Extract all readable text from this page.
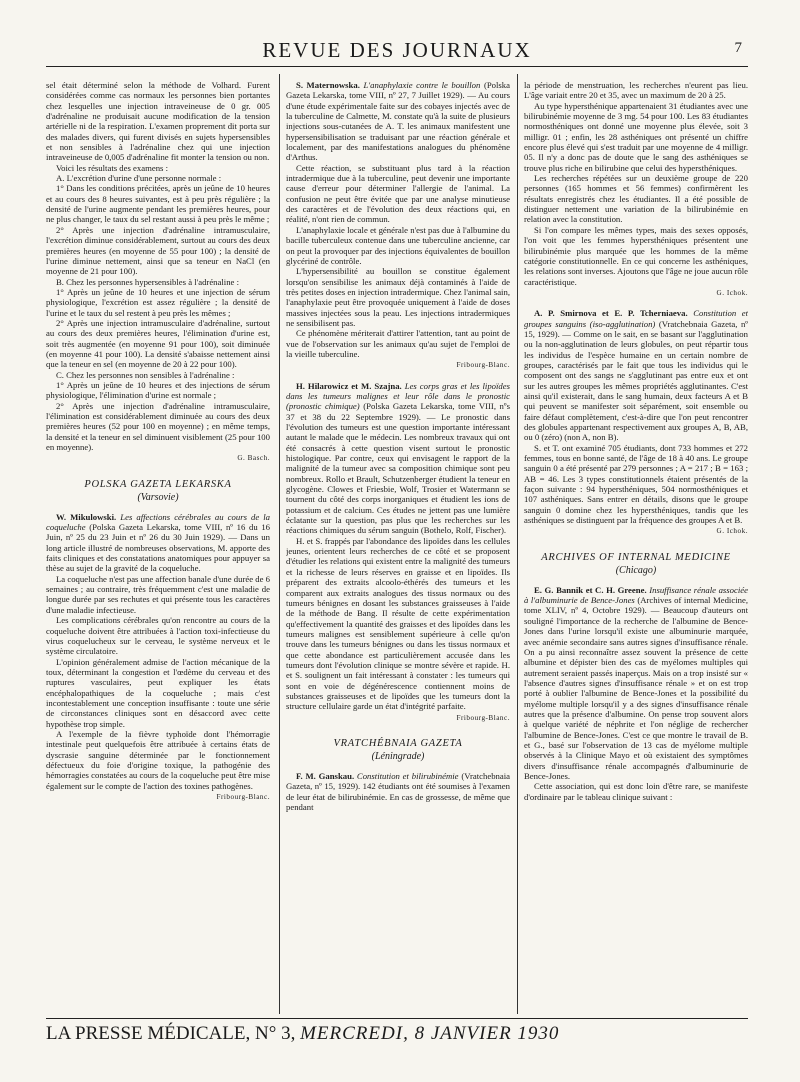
REVUE DES JOURNAUX	7

sel était déterminé selon la méthode de Volhard. Furent considérées comme cas normaux les personnes bien portantes chez lesquelles une injection intraveineuse de 0 gr. 005 d'adrénaline ne produisait aucune modification de la tension artérielle ni de la respiration. L'examen proprement dit porta sur des malades divers, qui furent divisés en sujets hypersensibles et non sensibles à l'adrénaline chez qui une injection intraveineuse de 0,005 d'adrénaline fit monter la tension ou non.

Voici les résultats des examens :

A. L'excrétion d'urine d'une personne normale :

1° Dans les conditions précitées, après un jeûne de 10 heures et au cours des 8 heures suivantes, est à peu près régulière ; la densité de l'urine augmente pendant les premières heures, pour ne plus changer, le taux du sel restant aussi à peu près le même ;

2° Après une injection d'adrénaline intramusculaire, l'excrétion diminue considérablement, surtout au cours des deux premières heures (en moyenne de 55 pour 100) ; la densité de l'urine diminue nettement, ainsi que sa teneur en NaCl (en moyenne de 21 pour 100).

B. Chez les personnes hypersensibles à l'adrénaline :

1° Après un jeûne de 10 heures et une injection de sérum physiologique, l'excrétion est assez régulière ; la densité de l'urine et le taux du sel restent à peu près les mêmes ;

2° Après une injection intramusculaire d'adrénaline, surtout au cours des deux premières heures, l'élimination d'urine est, soit très augmentée (en moyenne 91 pour 100), soit diminuée (en moyenne 41 pour 100). La densité s'abaisse nettement ainsi que la teneur en sel (en moyenne de 20 à 22 pour 100).

C. Chez les personnes non sensibles à l'adrénaline :

1° Après un jeûne de 10 heures et des injections de sérum physiologique, l'élimination d'urine est normale ;

2° Après une injection d'adrénaline intramusculaire, l'élimination est considérablement diminuée au cours des deux premières heures (52 pour 100 en moyenne) ; en même temps, la densité et la teneur en sel diminuent visiblement (25 pour 100 en moyenne).

G. Basch.
POLSKA GAZETA LEKARSKA
(Varsovie)

W. Mikulowski. Les affections cérébrales au cours de la coqueluche (Polska Gazeta Lekarska, tome VIII, nº 16 du 16 Juin, nº 25 du 23 Juin et nº 26 du 30 Juin 1929). — Dans un long article illustré de nombreuses observations, M. apporte des faits cliniques et des constatations anatomiques pour appuyer sa thèse au sujet de la gravité de la coqueluche.

La coqueluche n'est pas une affection banale d'une durée de 6 semaines ; au contraire, très fréquemment c'est une maladie de longue durée par ses rechutes et qui présente tous les caractères d'une maladie infectieuse.

Les complications cérébrales qu'on rencontre au cours de la coqueluche doivent être attribuées à l'action toxi-infectieuse du virus coquelucheux sur le cerveau, le système nerveux et le système circulatoire.

L'opinion généralement admise de l'action mécanique de la toux, déterminant la congestion et l'œdème du cerveau et des ruptures vasculaires, peut expliquer les états encéphalopathiques de la coqueluche ; mais c'est incontestablement une conception insuffisante : toute une série de circonstances cliniques sont en désaccord avec cette hypothèse trop simple.

A l'exemple de la fièvre typhoïde dont l'hémorragie intestinale peut quelquefois être attribuée à certains états de dyscrasie sanguine déterminée par le fonctionnement défectueux du foie d'origine toxique, la pathogénie des hémorragies constatées au cours de la coqueluche peut être mise également sur le compte de l'action des toxines pathogènes.

Fribourg-Blanc.

S. Maternowska. L'anaphylaxie contre le bouillon (Polska Gazeta Lekarska, tome VIII, nº 27, 7 Juillet 1929). — Au cours d'une étude expérimentale faite sur des cobayes injectés avec de la tuberculine de Calmette, M. constate qu'à la suite de plusieurs injections sous-cutanées de A. T. les animaux manifestent une hypersensibilisation se traduisant par une réaction générale et localement, par des manifestations analogues du phénomène d'Arthus.

Cette réaction, se substituant plus tard à la réaction intradermique due à la tuberculine, peut devenir une importante cause d'erreur pour déterminer l'allergie de l'animal. La confusion ne peut être évitée que par une analyse minutieuse des caractères et de l'évolution des deux réactions qui, en réalité, n'ont rien de commun.

L'anaphylaxie locale et générale n'est pas due à l'albumine du bacille tuberculeux contenue dans une tuberculine ancienne, car on peut la provoquer par des injections équivalentes de bouillon glycériné de contrôle.

L'hypersensibilité au bouillon se constitue également lorsqu'on sensibilise les animaux déjà contaminés à l'aide de très petites doses en injection intradermique. Chez l'animal sain, l'anaphylaxie peut être provoquée uniquement à l'aide de doses massives injectées sous la peau. Les injections intradermiques ne sensibilisent pas.

Ce phénomène mériterait d'attirer l'attention, tant au point de vue de l'observation sur les animaux qu'au sujet de l'emploi de la vieille tuberculine.

Fribourg-Blanc.

H. Hilarowicz et M. Szajna. Les corps gras et les lipoïdes dans les tumeurs malignes et leur rôle dans le pronostic (pronostic chimique) (Polska Gazeta Lekarska, tome VIII, nºs 37 et 38 du 22 Septembre 1929). — Le pronostic dans l'évolution des tumeurs est une question importante intéressant autant le malade que le médecin. Les nombreux travaux qui ont été consacrés à cette question visent surtout le pronostic histologique. Par contre, ceux qui envisagent le rapport de la malignité de la tumeur avec sa composition chimique sont peu nombreux. Rollo et Brault, Schutzenberger étudient la teneur en glycogène. Clowes et Friesbie, Wolf, Trosier et Watermann se tournent du côté des corps inorganiques et étudient les ions de potassium et de calcium. Ces études ne jettent pas une lumière éclatante sur la question, pas plus que les recherches sur les réactions chimiques du sérum sanguin (Bothelo, Rolf, Fischer).

H. et S. frappés par l'abondance des lipoïdes dans les cellules jeunes, orientent leurs recherches de ce côté et se proposent d'étudier les relations qui existent entre la malignité des tumeurs et la richesse de leurs réserves en graisse et en lipoïdes. Ils préparent des extraits alcoolo-éthérés des tumeurs et les comparent aux extraits analogues des tissus normaux ou des tumeurs bénignes en dosant les substances graisseuses à l'aide de la méthode de Bang. Il résulte de cette expérimentation qu'effectivement la quantité des graisses et des lipoïdes dans les tumeurs malignes est sensiblement supérieure à celle qu'on trouve dans les tumeurs bénignes ou dans les tissus normaux et que cette abondance est particulièrement accusée dans les tumeurs dont l'évolution clinique se montre sévère et rapide. H. et S. soulignent un fait intéressant à constater : les tumeurs qui sont en voie de dégénérescence contiennent moins de substances graisseuses et de lipoïdes que les tumeurs dont la structure cellulaire garde un état d'intégrité parfaite.

Fribourg-Blanc.
VRATCHÉBNAIA GAZETA
(Léningrade)

F. M. Ganskau. Constitution et bilirubinémie (Vratchebnaia Gazeta, nº 15, 1929). 142 étudiants ont été soumises à l'examen de leur état de bilirubinémie. En cas de grossesse, de même que pendant

la période de menstruation, les recherches n'eurent pas lieu. L'âge variait entre 20 et 35, avec un maximum de 20 à 25.

Au type hypersthénique appartenaient 31 étudiantes avec une bilirubinémie moyenne de 3 mg. 54 pour 100. Les 83 étudiantes normosthéniques ont donné une moyenne plus élevée, soit 3 milligr. 01 ; enfin, les 28 asthéniques ont présenté un chiffre encore plus élevé qui s'est traduit par une moyenne de 4 milligr. 05. Il n'y a donc pas de doute que le sang des asthéniques se trouve plus riche en bilirubine que celui des hypersthéniques.

Les recherches répétées sur un deuxième groupe de 220 personnes (165 hommes et 56 femmes) confirmèrent les résultats enregistrés chez les étudiantes. Il a été possible de distinguer nettement une variation de la bilirubinémie en relation avec la constitution.

Si l'on compare les mêmes types, mais des sexes opposés, l'on voit que les femmes hypersthéniques présentent une bilirubinémie plus marquée que les hommes de la même catégorie constitutionnelle. En ce qui concerne les asthéniques, les relations sont inverses. Ajoutons que l'âge ne joue aucun rôle caractéristique.

G. Ichok.

A. P. Smirnova et E. P. Tcherniaeva. Constitution et groupes sanguins (iso-agglutination) (Vratchebnaia Gazeta, nº 15, 1929). — Comme on le sait, en se basant sur l'agglutination ou la non-agglutination de leurs globules, on peut répartir tous les individus de l'espèce humaine en un certain nombre de groupes, caractérisés par le fait que tous les individus qui le composent ont des sangs ne s'agglutinant pas entre eux et ont sur les autres groupes les mêmes propriétés agglutinantes. C'est ainsi qu'il existerait, dans le sang humain, deux facteurs A et B qui peuvent se manifester soit séparément, soit ensemble ou faire défaut complètement, c'est-à-dire que l'on peut rencontrer des globules appartenant respectivement aux groupes A, B, AB, ou 0 (zéro) (non A, non B).

S. et T. ont examiné 705 étudiants, dont 733 hommes et 272 femmes, tous en bonne santé, de l'âge de 18 à 40 ans. Le groupe sanguin 0 a été présenté par 279 personnes ; A = 217 ; B = 163 ; AB = 46. Les 3 types constitutionnels étaient présentés de la façon suivante : 94 hypersthéniques, 504 normosthéniques et 107 asthéniques. Sans entrer en détails, disons que le groupe sanguin 0 domine chez les hypersthéniques, tandis que les asthéniques se distinguent par la fréquence des groupes A et B.

G. Ichok.
ARCHIVES OF INTERNAL MEDICINE
(Chicago)

E. G. Bannik et C. H. Greene. Insuffisance rénale associée à l'albuminurie de Bence-Jones (Archives of internal Medicine, tome XLIV, nº 4, Octobre 1929). — Beaucoup d'auteurs ont souligné l'importance de la recherche de l'albumine de Bence-Jones dans l'urine lorsqu'il existe une albuminurie marquée, avec anémie secondaire sans autres signes d'insuffisance rénale. On a pu ainsi reconnaître assez souvent la présence de cette albumine et dépister bien des cas de myélomes multiples qui autrement seraient passés inaperçus. Mais on a trop insisté sur « l'absence d'autres signes d'insuffisance rénale » et on est trop porté à oublier l'albumine de Bence-Jones et la possibilité du myélome multiple lorsqu'il y a des signes d'insuffisance rénale autres que la présence d'albumine. On pense trop souvent alors à quelque variété de néphrite et l'on néglige de rechercher l'albumine de Bence-Jones. C'est ce que montre le travail de B. et G., basé sur l'observation de 13 cas de myélome multiple observés à la Clinique Mayo et où existaient des symptômes divers d'insuffisance rénale accompagnés d'albuminurie de Bence-Jones.

Cette association, qui est donc loin d'être rare, se manifeste d'ordinaire par le tableau clinique suivant :

LA PRESSE MÉDICALE, N° 3, MERCREDI, 8 JANVIER 1930
